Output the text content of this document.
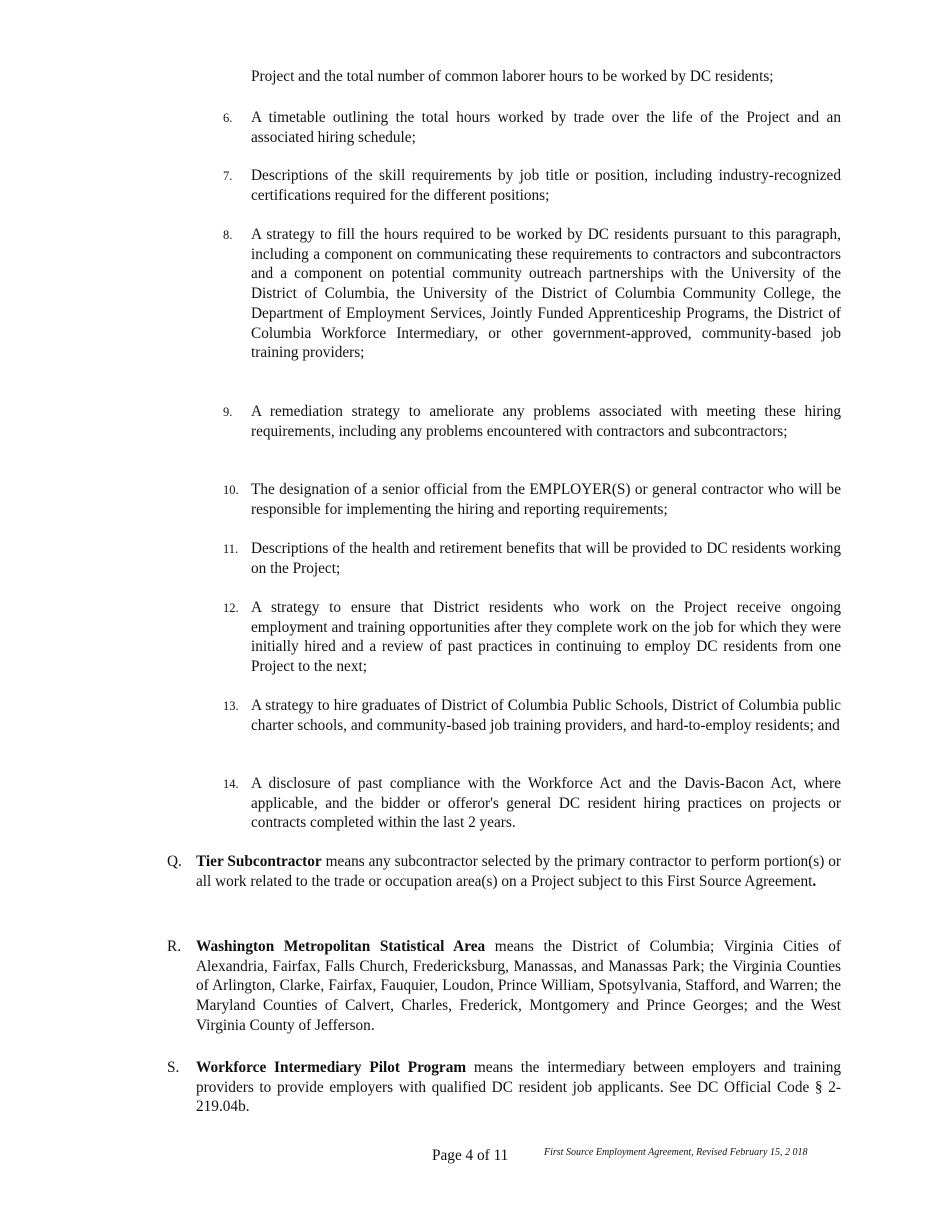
Project and the total number of common laborer hours to be worked by DC residents;
6. A timetable outlining the total hours worked by trade over the life of the Project and an associated hiring schedule;
7. Descriptions of the skill requirements by job title or position, including industry-recognized certifications required for the different positions;
8. A strategy to fill the hours required to be worked by DC residents pursuant to this paragraph, including a component on communicating these requirements to contractors and subcontractors and a component on potential community outreach partnerships with the University of the District of Columbia, the University of the District of Columbia Community College, the Department of Employment Services, Jointly Funded Apprenticeship Programs, the District of Columbia Workforce Intermediary, or other government-approved, community-based job training providers;
9. A remediation strategy to ameliorate any problems associated with meeting these hiring requirements, including any problems encountered with contractors and subcontractors;
10. The designation of a senior official from the EMPLOYER(S) or general contractor who will be responsible for implementing the hiring and reporting requirements;
11. Descriptions of the health and retirement benefits that will be provided to DC residents working on the Project;
12. A strategy to ensure that District residents who work on the Project receive ongoing employment and training opportunities after they complete work on the job for which they were initially hired and a review of past practices in continuing to employ DC residents from one Project to the next;
13. A strategy to hire graduates of District of Columbia Public Schools, District of Columbia public charter schools, and community-based job training providers, and hard-to-employ residents; and
14. A disclosure of past compliance with the Workforce Act and the Davis-Bacon Act, where applicable, and the bidder or offeror's general DC resident hiring practices on projects or contracts completed within the last 2 years.
Q. Tier Subcontractor means any subcontractor selected by the primary contractor to perform portion(s) or all work related to the trade or occupation area(s) on a Project subject to this First Source Agreement.
R. Washington Metropolitan Statistical Area means the District of Columbia; Virginia Cities of Alexandria, Fairfax, Falls Church, Fredericksburg, Manassas, and Manassas Park; the Virginia Counties of Arlington, Clarke, Fairfax, Fauquier, Loudon, Prince William, Spotsylvania, Stafford, and Warren; the Maryland Counties of Calvert, Charles, Frederick, Montgomery and Prince Georges; and the West Virginia County of Jefferson.
S. Workforce Intermediary Pilot Program means the intermediary between employers and training providers to provide employers with qualified DC resident job applicants. See DC Official Code § 2-219.04b.
Page 4 of 11	First Source Employment Agreement, Revised February 15, 2 018
